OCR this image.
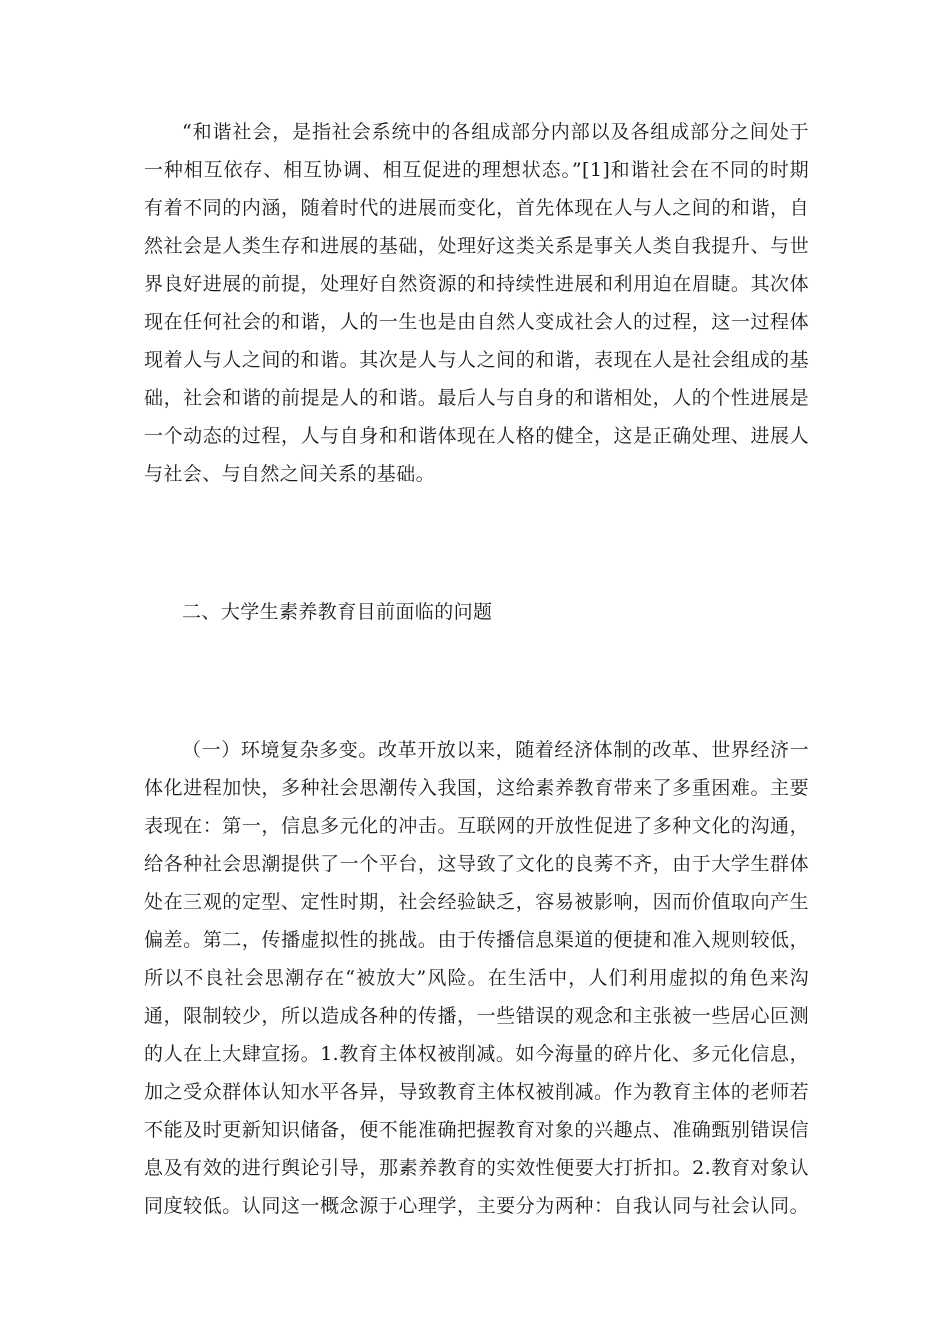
“和谐社会，是指社会系统中的各组成部分内部以及各组成部分之间处于
一种相互依存、相互协调、相互促进的理想状态。”[1]和谐社会在不同的时期
有着不同的内涵，随着时代的进展而变化，首先体现在人与人之间的和谐，自
然社会是人类生存和进展的基础，处理好这类关系是事关人类自我提升、与世
界良好进展的前提，处理好自然资源的和持续性进展和利用迫在眉睫。其次体
现在任何社会的和谐，人的一生也是由自然人变成社会人的过程，这一过程体
现着人与人之间的和谐。其次是人与人之间的和谐，表现在人是社会组成的基
础，社会和谐的前提是人的和谐。最后人与自身的和谐相处，人的个性进展是
一个动态的过程，人与自身和和谐体现在人格的健全，这是正确处理、进展人
与社会、与自然之间关系的基础。
二、大学生素养教育目前面临的问题
（一）环境复杂多变。改革开放以来，随着经济体制的改革、世界经济一
体化进程加快，多种社会思潮传入我国，这给素养教育带来了多重困难。主要
表现在：第一，信息多元化的冲击。互联网的开放性促进了多种文化的沟通，
给各种社会思潮提供了一个平台，这导致了文化的良莠不齐，由于大学生群体
处在三观的定型、定性时期，社会经验缺乏，容易被影响，因而价值取向产生
偏差。第二，传播虚拟性的挑战。由于传播信息渠道的便捷和准入规则较低，
所以不良社会思潮存在“被放大”风险。在生活中，人们利用虚拟的角色来沟
通，限制较少，所以造成各种的传播，一些错误的观念和主张被一些居心叵测
的人在上大肆宣扬。1.教育主体权被削减。如今海量的碎片化、多元化信息，
加之受众群体认知水平各异，导致教育主体权被削减。作为教育主体的老师若
不能及时更新知识储备，便不能准确把握教育对象的兴趣点、准确甄别错误信
息及有效的进行舆论引导，那素养教育的实效性便要大打折扣。2.教育对象认
同度较低。认同这一概念源于心理学，主要分为两种：自我认同与社会认同。
